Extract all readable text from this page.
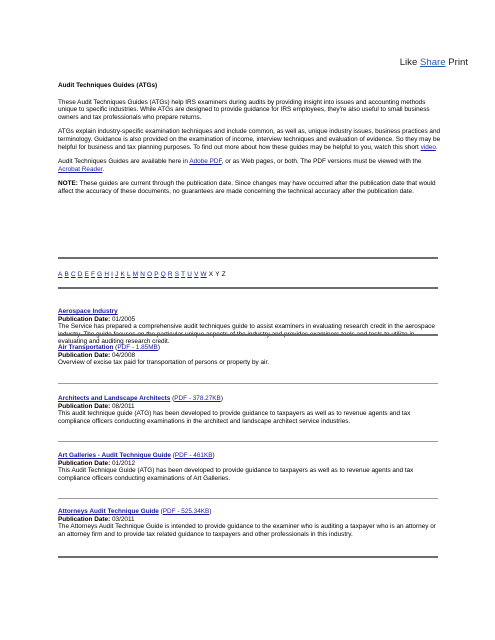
Like Share Print
Audit Techniques Guides (ATGs)

These Audit Techniques Guides (ATGs) help IRS examiners during audits by providing insight into issues and accounting methods unique to specific industries. While ATGs are designed to provide guidance for IRS employees, they're also useful to small business owners and tax professionals who prepare returns.

ATGs explain industry-specific examination techniques and include common, as well as, unique industry issues, business practices and terminology. Guidance is also provided on the examination of income, interview techniques and evaluation of evidence. So they may be helpful for business and tax planning purposes. To find out more about how these guides may be helpful to you, watch this short video.

Audit Techniques Guides are available here in Adobe PDF, or as Web pages, or both. The PDF versions must be viewed with the Acrobat Reader.

NOTE: These guides are current through the publication date. Since changes may have occurred after the publication date that would affect the accuracy of these documents, no guarantees are made concerning the technical accuracy after the publication date.

A B C D E F G H I J K L M N O P Q R S T U V W X Y Z
Aerospace Industry
Publication Date: 01/2005
The Service has prepared a comprehensive audit techniques guide to assist examiners in evaluating research credit in the aerospace evaluating and auditing research credit.
Air Transportation (PDF - 1.85MB)
Publication Date: 04/2008
Overview of excise tax paid for transportation of persons or property by air.
Architects and Landscape Architects (PDF - 378.27KB)
Publication Date: 08/2011
This audit technique guide (ATG) has been developed to provide guidance to taxpayers as well as to revenue agents and tax compliance officers conducting examinations in the architect and landscape architect service industries.
Art Galleries - Audit Technique Guide (PDF - 461KB)
Publication Date: 01/2012
This Audit Technique Guide (ATG) has been developed to provide guidance to taxpayers as well as to revenue agents and tax compliance officers conducting examinations of Art Galleries.
Attorneys Audit Technique Guide (PDF - 525.34KB)
Publication Date: 03/2011
The Attorneys Audit Technique Guide is intended to provide guidance to the examiner who is auditing a taxpayer who is an attorney or an attorney firm and to provide tax related guidance to taxpayers and other professionals in this industry.
